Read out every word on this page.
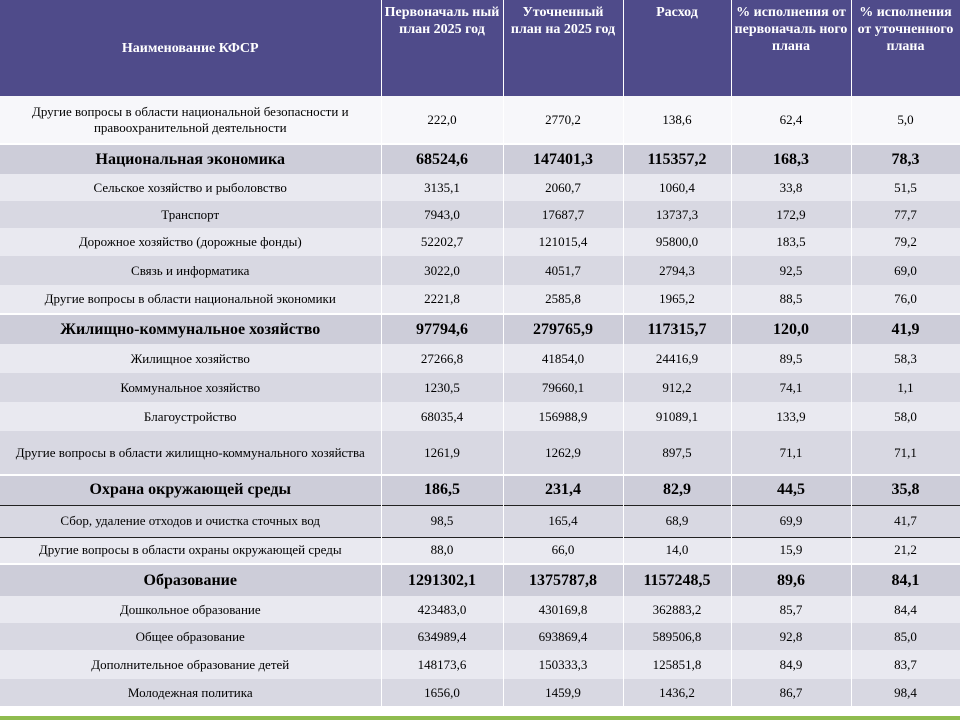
Наименование КФСР	Первоначаль ный план 2025 год	Уточненный план на 2025 год	Расход	% исполнения от первоначаль ного плана	% исполнения от уточненного плана
Другие вопросы в области национальной безопасности и правоохранительной деятельности	222,0	2770,2	138,6	62,4	5,0
Национальная экономика	68524,6	147401,3	115357,2	168,3	78,3
Сельское хозяйство и рыболовство	3135,1	2060,7	1060,4	33,8	51,5
Транспорт	7943,0	17687,7	13737,3	172,9	77,7
Дорожное хозяйство (дорожные фонды)	52202,7	121015,4	95800,0	183,5	79,2
Связь и информатика	3022,0	4051,7	2794,3	92,5	69,0
Другие вопросы в области национальной экономики	2221,8	2585,8	1965,2	88,5	76,0
Жилищно-коммунальное хозяйство	97794,6	279765,9	117315,7	120,0	41,9
Жилищное хозяйство	27266,8	41854,0	24416,9	89,5	58,3
Коммунальное хозяйство	1230,5	79660,1	912,2	74,1	1,1
Благоустройство	68035,4	156988,9	91089,1	133,9	58,0
Другие вопросы в области жилищно-коммунального хозяйства	1261,9	1262,9	897,5	71,1	71,1
Охрана окружающей среды	186,5	231,4	82,9	44,5	35,8
Сбор, удаление отходов и очистка сточных вод	98,5	165,4	68,9	69,9	41,7
Другие вопросы в области охраны окружающей среды	88,0	66,0	14,0	15,9	21,2
Образование	1291302,1	1375787,8	1157248,5	89,6	84,1
Дошкольное образование	423483,0	430169,8	362883,2	85,7	84,4
Общее образование	634989,4	693869,4	589506,8	92,8	85,0
Дополнительное образование детей	148173,6	150333,3	125851,8	84,9	83,7
Молодежная политика	1656,0	1459,9	1436,2	86,7	98,4
